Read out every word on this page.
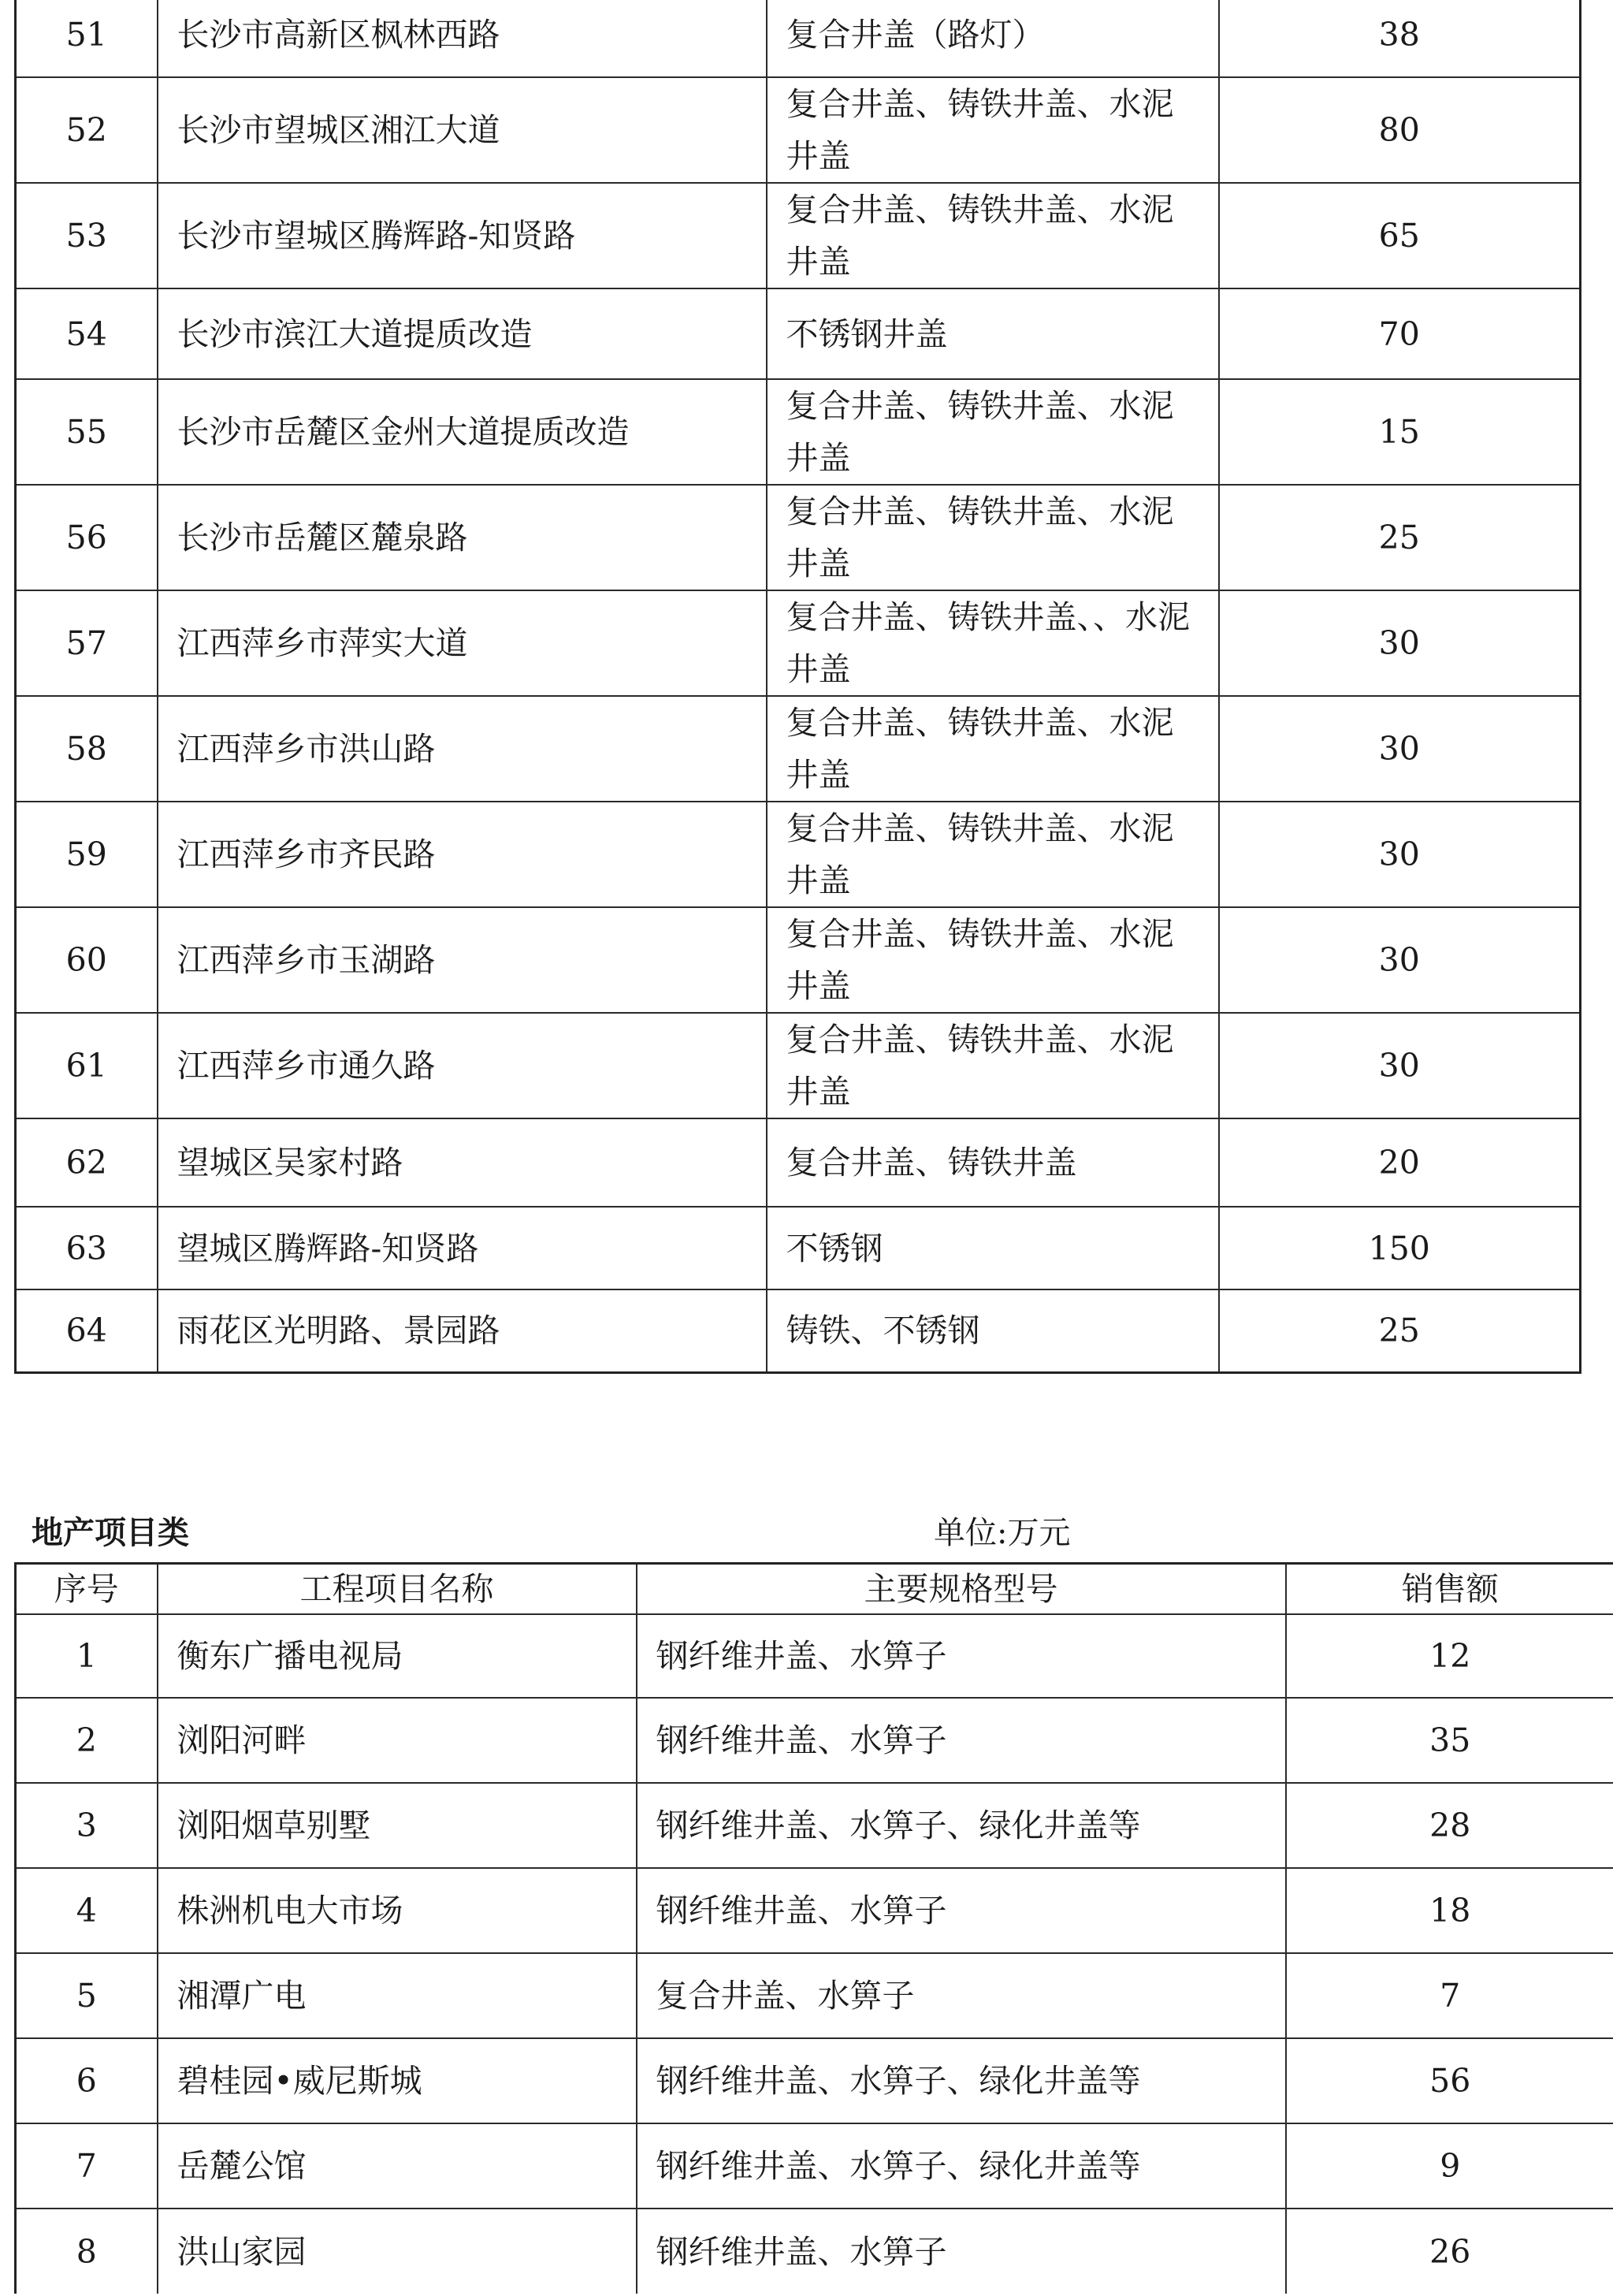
51	长沙市高新区枫林西路	复合井盖（路灯）	38
52	长沙市望城区湘江大道	复合井盖、铸铁井盖、水泥井盖	80
53	长沙市望城区腾辉路-知贤路	复合井盖、铸铁井盖、水泥井盖	65
54	长沙市滨江大道提质改造	不锈钢井盖	70
55	长沙市岳麓区金州大道提质改造	复合井盖、铸铁井盖、水泥井盖	15
56	长沙市岳麓区麓泉路	复合井盖、铸铁井盖、水泥井盖	25
57	江西萍乡市萍实大道	复合井盖、铸铁井盖、、水泥井盖	30
58	江西萍乡市洪山路	复合井盖、铸铁井盖、水泥井盖	30
59	江西萍乡市齐民路	复合井盖、铸铁井盖、水泥井盖	30
60	江西萍乡市玉湖路	复合井盖、铸铁井盖、水泥井盖	30
61	江西萍乡市通久路	复合井盖、铸铁井盖、水泥井盖	30
62	望城区吴家村路	复合井盖、铸铁井盖	20
63	望城区腾辉路-知贤路	不锈钢	150
64	雨花区光明路、景园路	铸铁、不锈钢	25
地产项目类	单位:万元
序号	工程项目名称	主要规格型号	销售额
1	衡东广播电视局	钢纤维井盖、水箅子	12
2	浏阳河畔	钢纤维井盖、水箅子	35
3	浏阳烟草别墅	钢纤维井盖、水箅子、绿化井盖等	28
4	株洲机电大市场	钢纤维井盖、水箅子	18
5	湘潭广电	复合井盖、水箅子	7
6	碧桂园•威尼斯城	钢纤维井盖、水箅子、绿化井盖等	56
7	岳麓公馆	钢纤维井盖、水箅子、绿化井盖等	9
8	洪山家园	钢纤维井盖、水箅子	26
